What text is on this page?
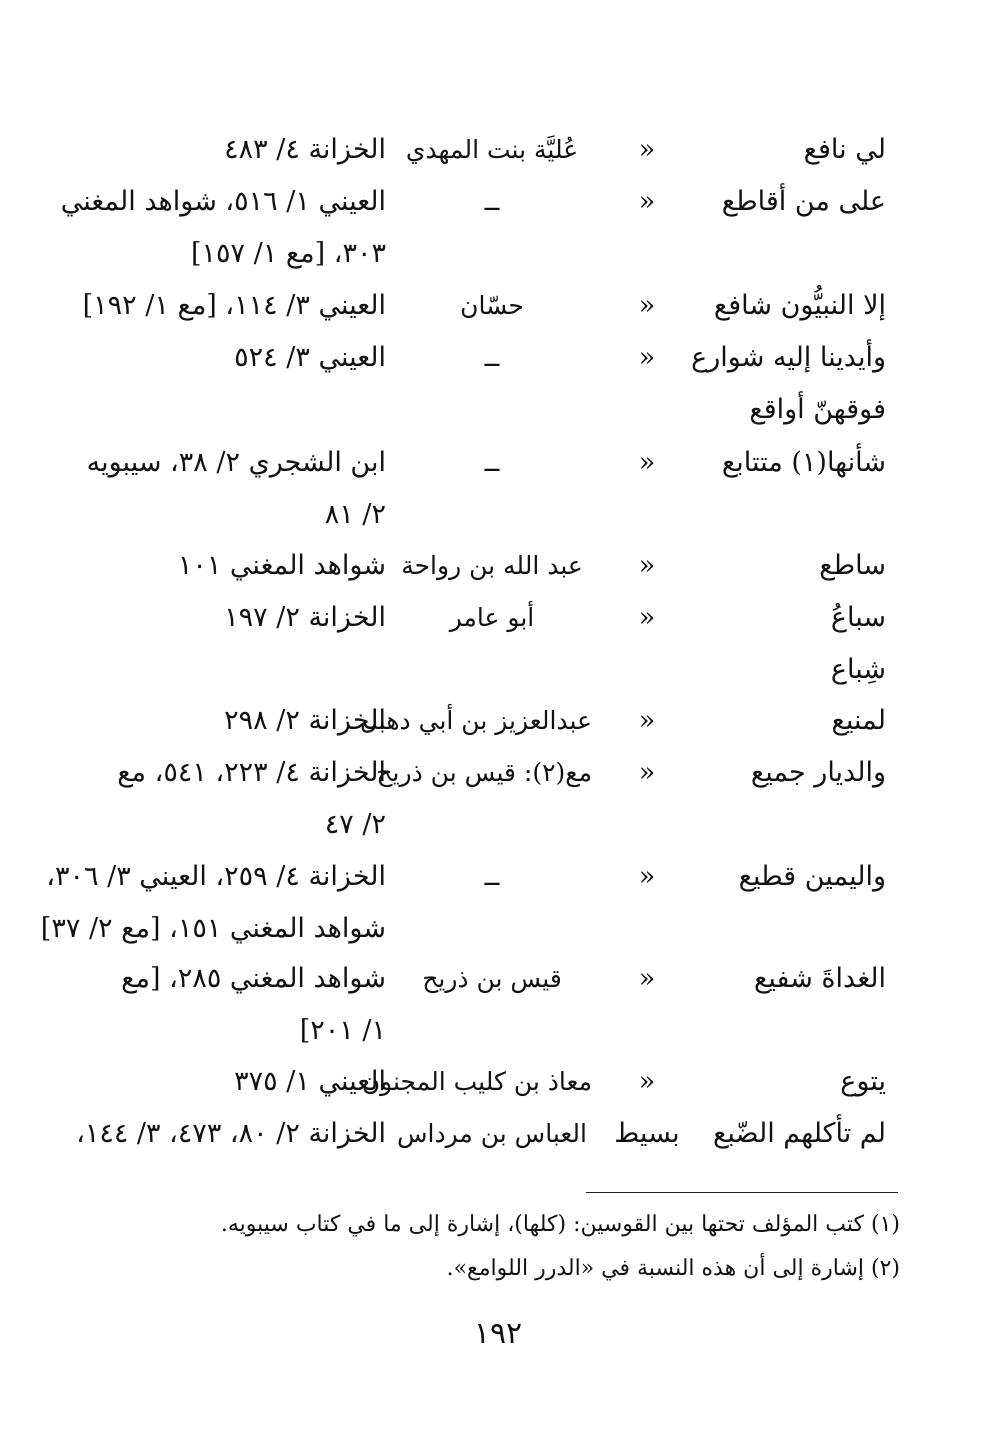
لي نافع
«
عُليَّة بنت المهدي
الخزانة ٤/ ٤٨٣
على من أقاطع
«
ــ
العيني ١/ ٥١٦، شواهد المغني
٣٠٣، [مع ١/ ١٥٧]
إلا النبيُّون شافع
«
حسّان
العيني ٣/ ١١٤، [مع ١/ ١٩٢]
وأيدينا إليه شوارع
«
ــ
العيني ٣/ ٥٢٤
فوقهنّ أواقع
شأنها(١) متتابع
«
ــ
ابن الشجري ٢/ ٣٨، سيبويه
٢/ ٨١
ساطع
«
عبد الله بن رواحة
شواهد المغني ١٠١
سباعُ
«
أبو عامر
الخزانة ٢/ ١٩٧
شِباع
لمنيع
«
عبدالعزيز بن أبي دهبل
الخزانة ٢/ ٢٩٨
والديار جميع
«
مع(٢): قيس بن ذريح
الخزانة ٤/ ٢٢٣، ٥٤١، مع
٢/ ٤٧
واليمين قطيع
«
ــ
الخزانة ٤/ ٢٥٩، العيني ٣/ ٣٠٦،
شواهد المغني ١٥١، [مع ٢/ ٣٧]
الغداةَ شفيع
«
قيس بن ذريح
شواهد المغني ٢٨٥، [مع
١/ ٢٠١]
يتوع
«
معاذ بن كليب المجنون
العيني ١/ ٣٧٥
لم تأكلهم الضّبع
بسيط
العباس بن مرداس
الخزانة ٢/ ٨٠، ٤٧٣، ٣/ ١٤٤،
(١) كتب المؤلف تحتها بين القوسين: (كلها)، إشارة إلى ما في كتاب سيبويه.
(٢) إشارة إلى أن هذه النسبة في «الدرر اللوامع».
١٩٢
